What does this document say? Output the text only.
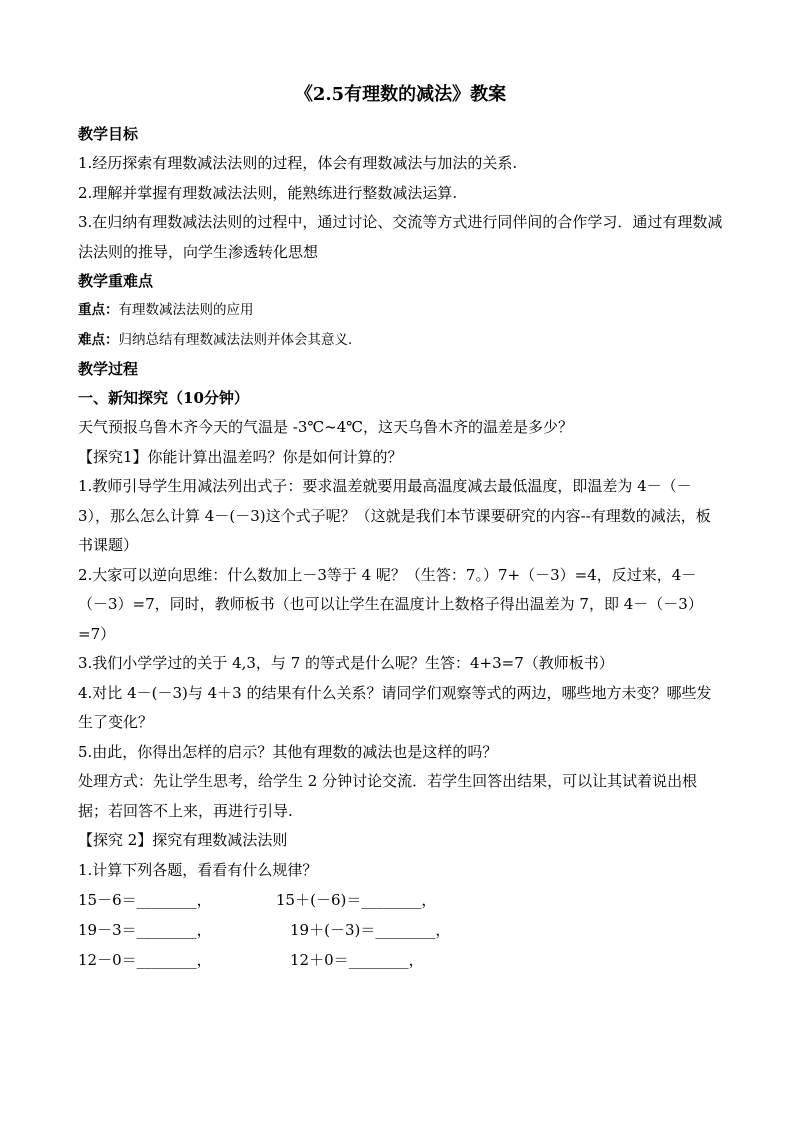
《2.5有理数的减法》教案

教学目标

1.经历探索有理数减法法则的过程，体会有理数减法与加法的关系.

2.理解并掌握有理数减法法则，能熟练进行整数减法运算.

3.在归纳有理数减法法则的过程中，通过讨论、交流等方式进行同伴间的合作学习．通过有理数减法法则的推导，向学生渗透转化思想

教学重难点

重点：有理数减法法则的应用

难点：归纳总结有理数减法法则并体会其意义．

教学过程

一、新知探究（10分钟）

天气预报乌鲁木齐今天的气温是 -3℃~4℃，这天乌鲁木齐的温差是多少？

【探究1】你能计算出温差吗？你是如何计算的？

1.教师引导学生用减法列出式子：要求温差就要用最高温度减去最低温度，即温差为 4－（－3），那么怎么计算 4－(－3)这个式子呢？（这就是我们本节课要研究的内容--有理数的减法，板书课题）

2.大家可以逆向思维：什么数加上－3等于 4 呢？（生答：7。）7+（－3）=4，反过来，4－（－3）=7，同时，教师板书（也可以让学生在温度计上数格子得出温差为 7，即 4－（－3）=7）

3.我们小学学过的关于 4,3，与 7 的等式是什么呢？生答：4+3=7（教师板书）

4.对比 4－(－3)与 4＋3 的结果有什么关系？请同学们观察等式的两边，哪些地方未变？哪些发生了变化？

5.由此，你得出怎样的启示？其他有理数的减法也是这样的吗？

处理方式：先让学生思考，给学生 2 分钟讨论交流．若学生回答出结果，可以让其试着说出根据；若回答不上来，再进行引导.

【探究 2】探究有理数减法法则

1.计算下列各题，看看有什么规律？

15－6＝________，	15＋(－6)＝________，
19－3＝________，	19＋(－3)＝________，
12－0＝________，	12＋0＝________，
